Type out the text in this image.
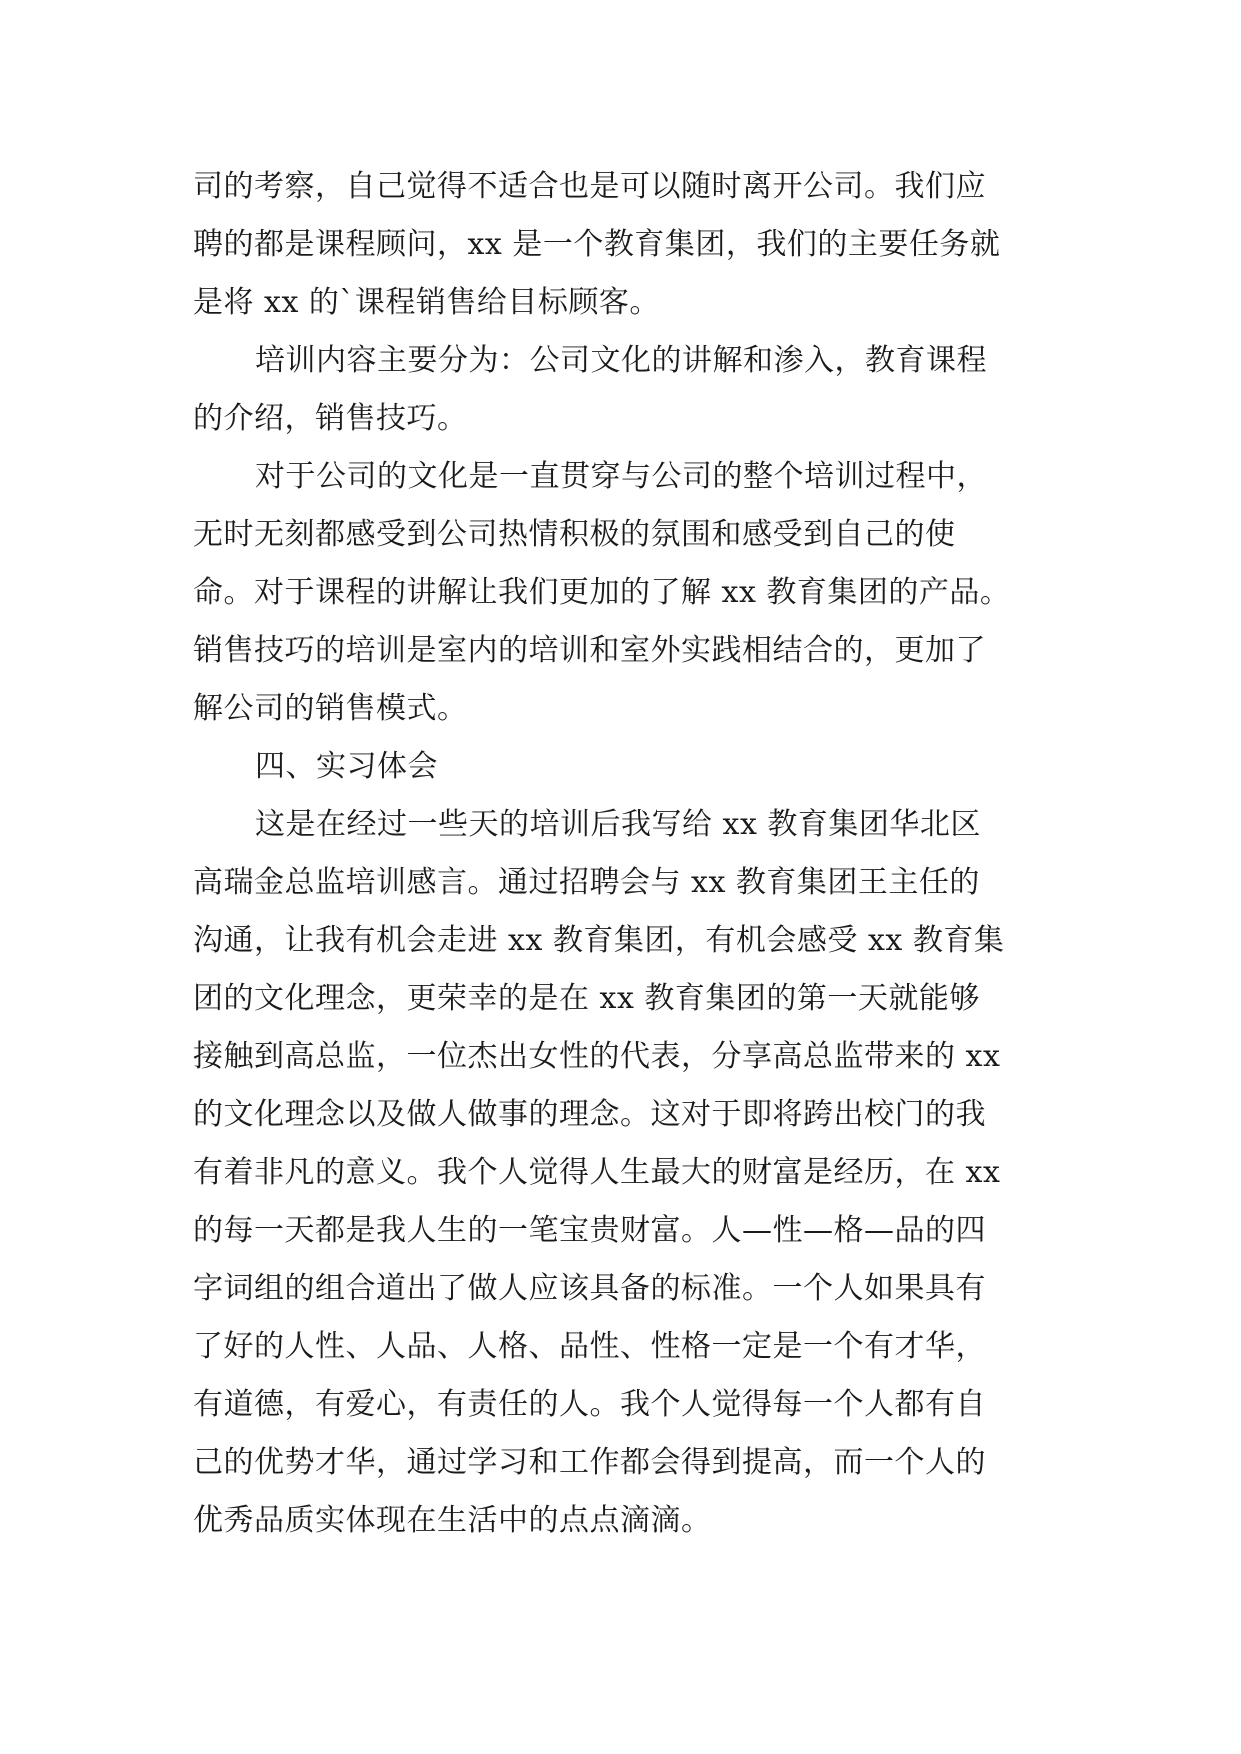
司的考察，自己觉得不适合也是可以随时离开公司。我们应
聘的都是课程顾问，xx 是一个教育集团，我们的主要任务就
是将 xx 的`课程销售给目标顾客。
培训内容主要分为：公司文化的讲解和渗入，教育课程
的介绍，销售技巧。
对于公司的文化是一直贯穿与公司的整个培训过程中，
无时无刻都感受到公司热情积极的氛围和感受到自己的使
命。对于课程的讲解让我们更加的了解 xx 教育集团的产品。
销售技巧的培训是室内的培训和室外实践相结合的，更加了
解公司的销售模式。
四、实习体会
这是在经过一些天的培训后我写给 xx 教育集团华北区
高瑞金总监培训感言。通过招聘会与 xx 教育集团王主任的
沟通，让我有机会走进 xx 教育集团，有机会感受 xx 教育集
团的文化理念，更荣幸的是在 xx 教育集团的第一天就能够
接触到高总监，一位杰出女性的代表，分享高总监带来的 xx
的文化理念以及做人做事的理念。这对于即将跨出校门的我
有着非凡的意义。我个人觉得人生最大的财富是经历，在 xx
的每一天都是我人生的一笔宝贵财富。人—性—格—品的四
字词组的组合道出了做人应该具备的标准。一个人如果具有
了好的人性、人品、人格、品性、性格一定是一个有才华，
有道德，有爱心，有责任的人。我个人觉得每一个人都有自
己的优势才华，通过学习和工作都会得到提高，而一个人的
优秀品质实体现在生活中的点点滴滴。
